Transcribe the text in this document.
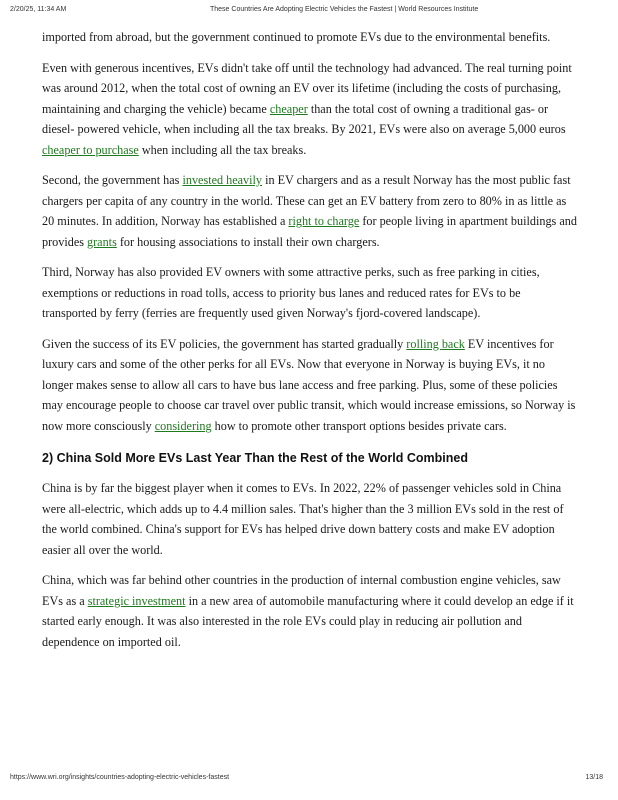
2/20/25, 11:34 AM	These Countries Are Adopting Electric Vehicles the Fastest | World Resources Institute

imported from abroad, but the government continued to promote EVs due to the environmental benefits.

Even with generous incentives, EVs didn't take off until the technology had advanced. The real turning point was around 2012, when the total cost of owning an EV over its lifetime (including the costs of purchasing, maintaining and charging the vehicle) became cheaper than the total cost of owning a traditional gas- or diesel- powered vehicle, when including all the tax breaks. By 2021, EVs were also on average 5,000 euros cheaper to purchase when including all the tax breaks.

Second, the government has invested heavily in EV chargers and as a result Norway has the most public fast chargers per capita of any country in the world. These can get an EV battery from zero to 80% in as little as 20 minutes. In addition, Norway has established a right to charge for people living in apartment buildings and provides grants for housing associations to install their own chargers.

Third, Norway has also provided EV owners with some attractive perks, such as free parking in cities, exemptions or reductions in road tolls, access to priority bus lanes and reduced rates for EVs to be transported by ferry (ferries are frequently used given Norway's fjord-covered landscape).

Given the success of its EV policies, the government has started gradually rolling back EV incentives for luxury cars and some of the other perks for all EVs. Now that everyone in Norway is buying EVs, it no longer makes sense to allow all cars to have bus lane access and free parking. Plus, some of these policies may encourage people to choose car travel over public transit, which would increase emissions, so Norway is now more consciously considering how to promote other transport options besides private cars.

2) China Sold More EVs Last Year Than the Rest of the World Combined

China is by far the biggest player when it comes to EVs. In 2022, 22% of passenger vehicles sold in China were all-electric, which adds up to 4.4 million sales. That's higher than the 3 million EVs sold in the rest of the world combined. China's support for EVs has helped drive down battery costs and make EV adoption easier all over the world.

China, which was far behind other countries in the production of internal combustion engine vehicles, saw EVs as a strategic investment in a new area of automobile manufacturing where it could develop an edge if it started early enough. It was also interested in the role EVs could play in reducing air pollution and dependence on imported oil.

https://www.wri.org/insights/countries-adopting-electric-vehicles-fastest	13/18
